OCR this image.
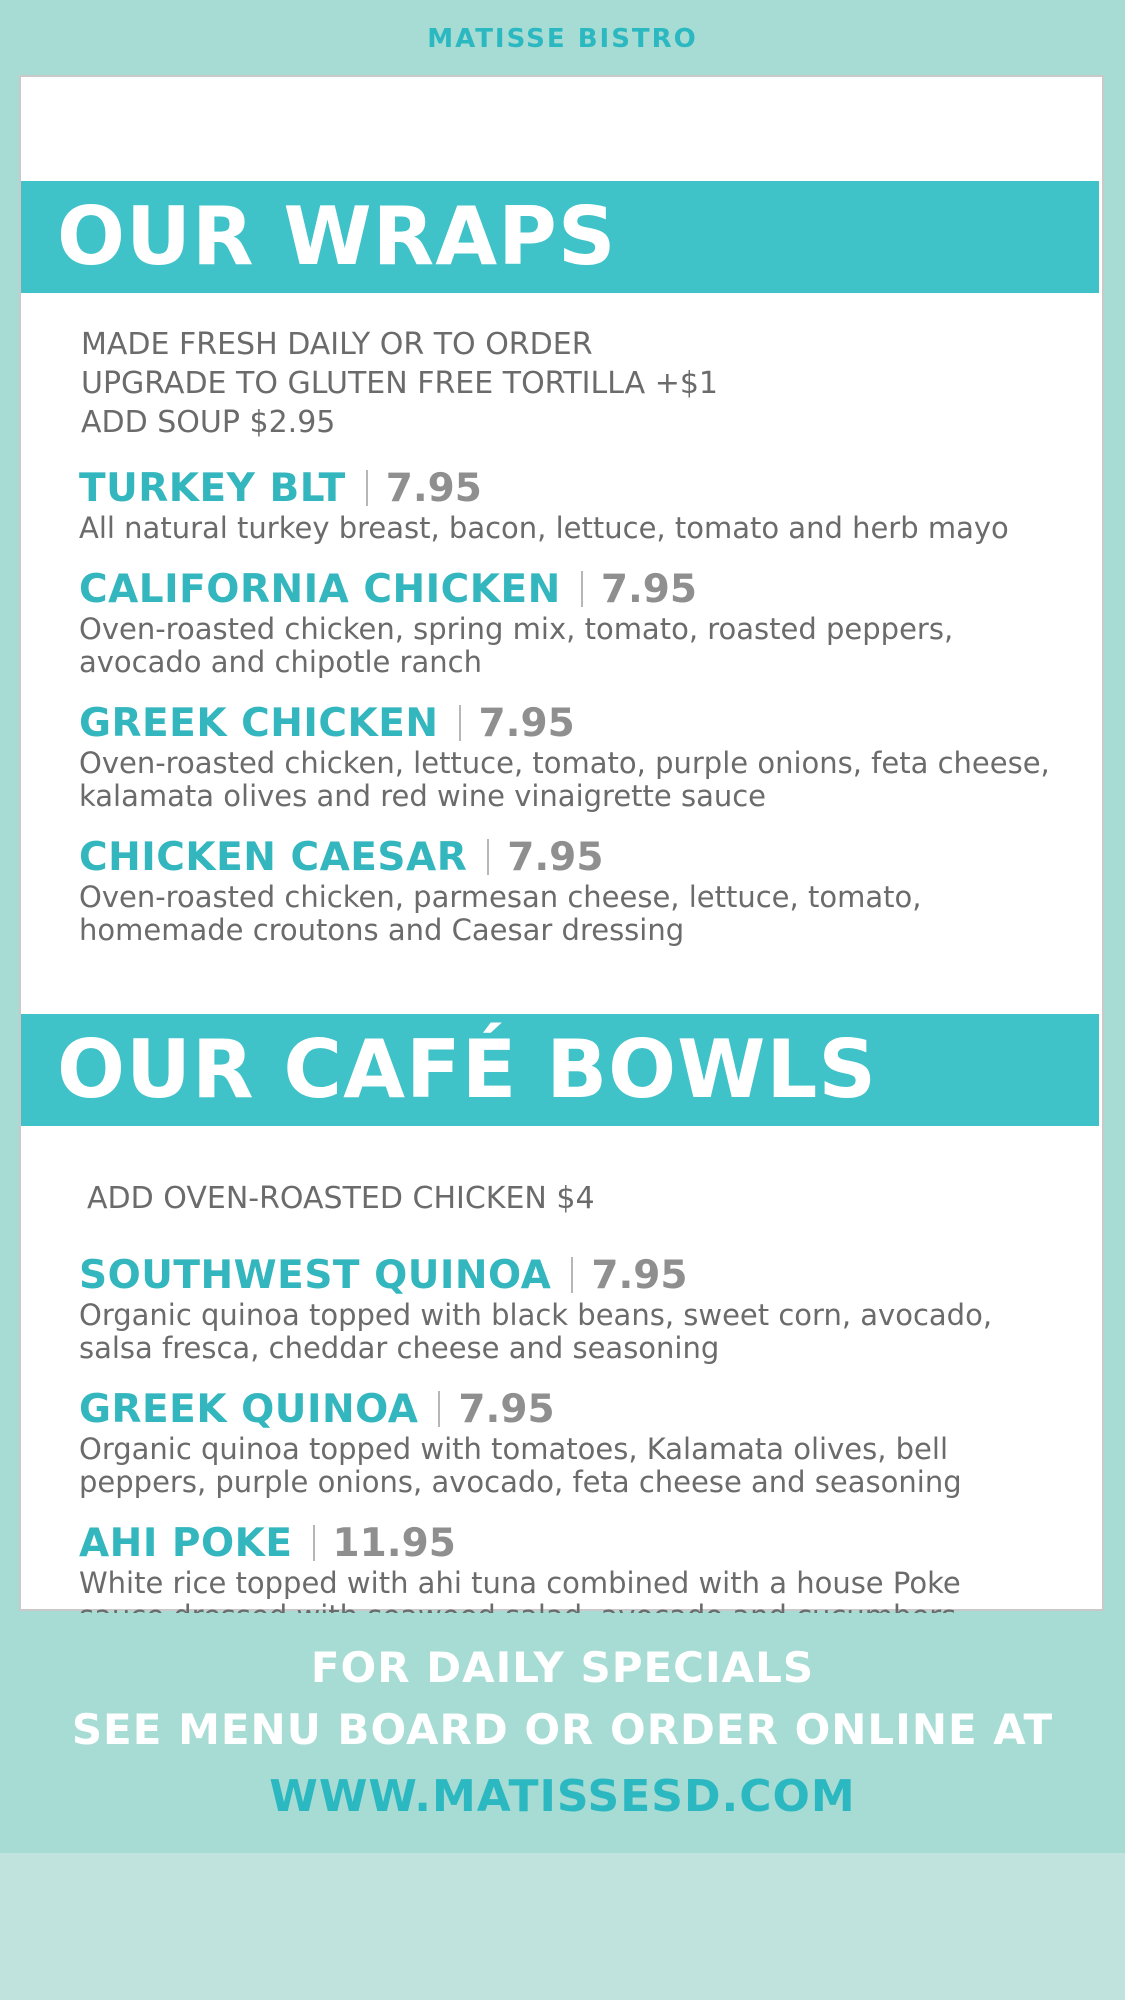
MATISSE BISTRO
OUR WRAPS
MADE FRESH DAILY OR TO ORDER
UPGRADE TO GLUTEN FREE TORTILLA +$1
ADD SOUP $2.95
TURKEY BLT 7.95
All natural turkey breast, bacon, lettuce, tomato and herb mayo
CALIFORNIA CHICKEN 7.95
Oven-roasted chicken, spring mix, tomato, roasted peppers,
avocado and chipotle ranch
GREEK CHICKEN 7.95
Oven-roasted chicken, lettuce, tomato, purple onions, feta cheese,
kalamata olives and red wine vinaigrette sauce
CHICKEN CAESAR 7.95
Oven-roasted chicken, parmesan cheese, lettuce, tomato,
homemade croutons and Caesar dressing
OUR CAFÉ BOWLS
ADD OVEN-ROASTED CHICKEN $4
SOUTHWEST QUINOA 7.95
Organic quinoa topped with black beans, sweet corn, avocado,
salsa fresca, cheddar cheese and seasoning
GREEK QUINOA 7.95
Organic quinoa topped with tomatoes, Kalamata olives, bell
peppers, purple onions, avocado, feta cheese and seasoning
AHI POKE 11.95
White rice topped with ahi tuna combined with a house Poke
FOR DAILY SPECIALS
SEE MENU BOARD OR ORDER ONLINE AT
WWW.MATISSESD.COM
